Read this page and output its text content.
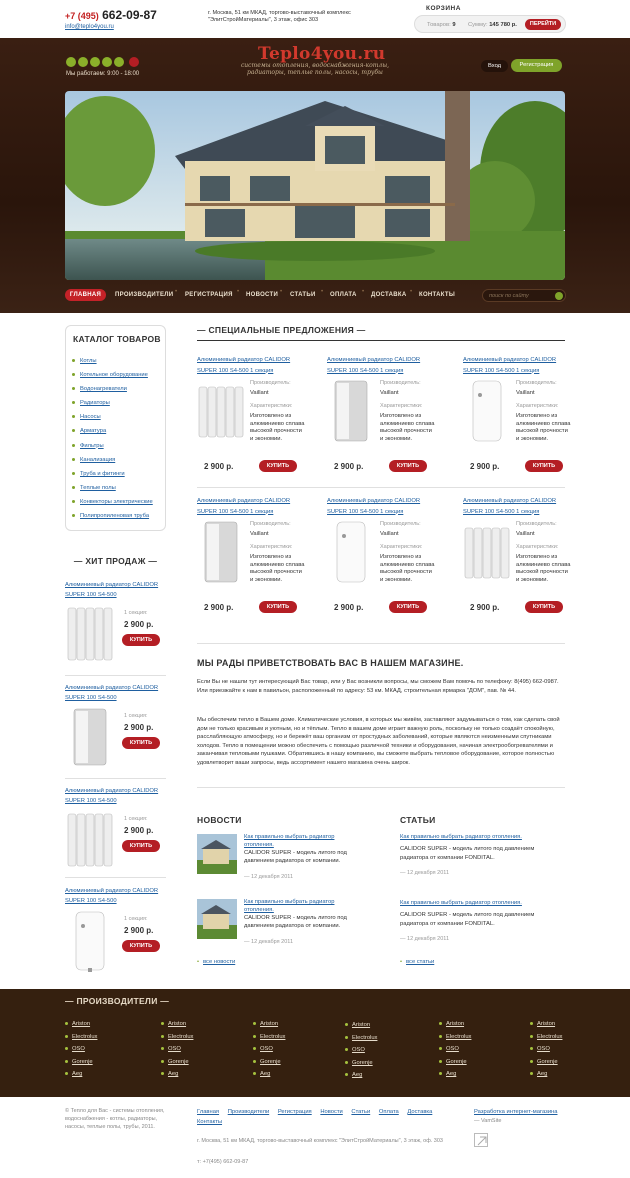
+7 (495) 662-09-87
info@teplo4you.ru
г. Москва, 51 км МКАД, торгово-выставочный комплекс "ЭлитСтройМатериалы", 3 этаж, офис 303
КОРЗИНА
Товаров: 9 Сумму: 145 780 р.	ПЕРЕЙТИ
Мы работаем: 9:00 - 18:00
Teplo4you.ru
системы отопления, водоснабжения-котлы, радиаторы, теплые полы, насосы, трубы
Вход	Регистрация
ГЛАВНАЯ	ПРОИЗВОДИТЕЛИ • РЕГИСТРАЦИЯ • НОВОСТИ • СТАТЬИ • ОПЛАТА • ДОСТАВКА • КОНТАКТЫ	поиск по сайту
КАТАЛОГ ТОВАРОВ
Котлы
Котельное оборудование
Водонагреватели
Радиаторы
Насосы
Арматура
Фильтры
Канализация
Труба и фитинги
Теплые полы
Конвекторы электрические
Полипропиленовая труба
— ХИТ ПРОДАЖ —
Алюминиевый радиатор CALIDOR SUPER 100 S4-500
1 секция:
2 900 р.
КУПИТЬ
Алюминиевый радиатор CALIDOR SUPER 100 S4-500
1 секция:
2 900 р.
КУПИТЬ
Алюминиевый радиатор CALIDOR SUPER 100 S4-500
1 секция:
2 900 р.
КУПИТЬ
Алюминиевый радиатор CALIDOR SUPER 100 S4-500
1 секция:
2 900 р.
КУПИТЬ
— СПЕЦИАЛЬНЫЕ ПРЕДЛОЖЕНИЯ —
Алюминиевый радиатор CALIDOR SUPER 100 S4-500 1 секция
Производитель:
Vaillant
Характеристики:
Изготовлено из алюминиево сплава высокой прочности и экономии.
2 900 р.	КУПИТЬ
Алюминиевый радиатор CALIDOR SUPER 100 S4-500 1 секция
Производитель:
Vaillant
Характеристики:
Изготовлено из алюминиево сплава высокой прочности и экономии.
2 900 р.	КУПИТЬ
Алюминиевый радиатор CALIDOR SUPER 100 S4-500 1 секция
Производитель:
Vaillant
Характеристики:
Изготовлено из алюминиево сплава высокой прочности и экономии.
2 900 р.	КУПИТЬ
Алюминиевый радиатор CALIDOR SUPER 100 S4-500 1 секция
Производитель:
Vaillant
Характеристики:
Изготовлено из алюминиево сплава высокой прочности и экономии.
2 900 р.	КУПИТЬ
Алюминиевый радиатор CALIDOR SUPER 100 S4-500 1 секция
Производитель:
Vaillant
Характеристики:
Изготовлено из алюминиево сплава высокой прочности и экономии.
2 900 р.	КУПИТЬ
Алюминиевый радиатор CALIDOR SUPER 100 S4-500 1 секция
Производитель:
Vaillant
Характеристики:
Изготовлено из алюминиево сплава высокой прочности и экономии.
2 900 р.	КУПИТЬ
МЫ РАДЫ ПРИВЕТСТВОВАТЬ ВАС В НАШЕМ МАГАЗИНЕ.
Если Вы не нашли тут интересующий Вас товар, или у Вас возникли вопросы, мы сможем Вам помочь по телефону: 8(495) 662-0987. Или приезжайте к нам в павильон, расположенный по адресу: 53 км. МКАД, строительная ярмарка "ДОМ", пав. № 44.
Мы обеспечим тепло в Вашем доме. Климатические условия, в которых мы живём, заставляют задумываться о том, как сделать свой дом не только красивым и уютным, но и тёплым. Тепло в вашем доме играет важную роль, поскольку не только создаёт спокойную, расслабляющую атмосферу, но и бережёт ваш организм от простудных заболеваний, которые являются неизменными спутниками холодов. Тепло в помещении можно обеспечить с помощью различной техники и оборудования, начиная электрообогревателями и заканчивая тепловыми пушками. Обратившись в нашу компанию, вы сможете выбрать тепловое оборудование, которое полностью удовлетворит ваши запросы, ведь ассортимент нашего магазина очень широк.
НОВОСТИ	СТАТЬИ
Как правильно выбрать радиатор отопления.
CALIDOR SUPER - модель литого под давлением радиатора от компании.
— 12 декабря 2011
Как правильно выбрать радиатор отопления.
CALIDOR SUPER - модель литого под давлением радиатора от компании.
— 12 декабря 2011
• все новости
Как правильно выбрать радиатор отопления.
CALIDOR SUPER - модель литого под давлением радиатора от компании FONDITAL.
— 12 декабря 2011
Как правильно выбрать радиатор отопления.
CALIDOR SUPER - модель литого под давлением радиатора от компании FONDITAL.
— 12 декабря 2011
• все статьи
— ПРОИЗВОДИТЕЛИ —
Ariston
Electrolux
OSO
Gorenje
Aeg
Ariston
Electrolux
OSO
Gorenje
Aeg
Ariston
Electrolux
OSO
Gorenje
Aeg
Ariston
Electrolux
OSO
Gorenje
Aeg
Ariston
Electrolux
OSO
Gorenje
Aeg
Ariston
Electrolux
OSO
Gorenje
Aeg
© Тепло для Вас - системы отопления, водоснабжения - котлы, радиаторы, насосы, теплые полы, трубы, 2011.
Главная Производители Регистрация Новости Статьи Оплата Доставка Контакты
г. Москва, 51 км МКАД, торгово-выставочный комплекс "ЭлитСтройМатериалы", 3 этаж, оф. 303
т: +7(495) 662-09-87
Разработка интернет-магазина
— VamSite
